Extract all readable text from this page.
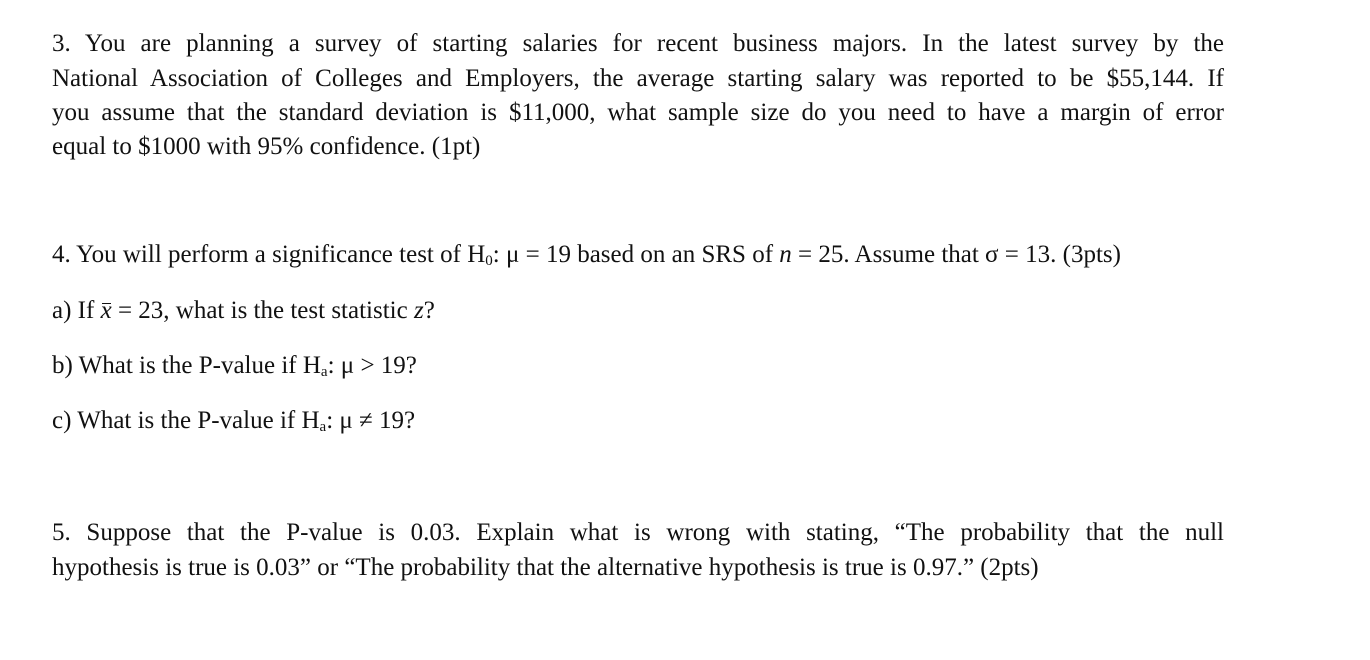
3. You are planning a survey of starting salaries for recent business majors. In the latest survey by the
National Association of Colleges and Employers, the average starting salary was reported to be $55,144. If
you assume that the standard deviation is $11,000, what sample size do you need to have a margin of error
equal to $1000 with 95% confidence. (1pt)
4. You will perform a significance test of $H_0$: μ = 19 based on an SRS of n = 25. Assume that σ = 13. (3pts)
a) If x = 23, what is the test statistic z?
b) What is the P-value if $H_a$: μ > 19?
c) What is the P-value if $H_a$: μ ≠ 19?
5. Suppose that the P-value is 0.03. Explain what is wrong with stating, “The probability that the null
hypothesis is true is 0.03” or “The probability that the alternative hypothesis is true is 0.97.” (2pts)
